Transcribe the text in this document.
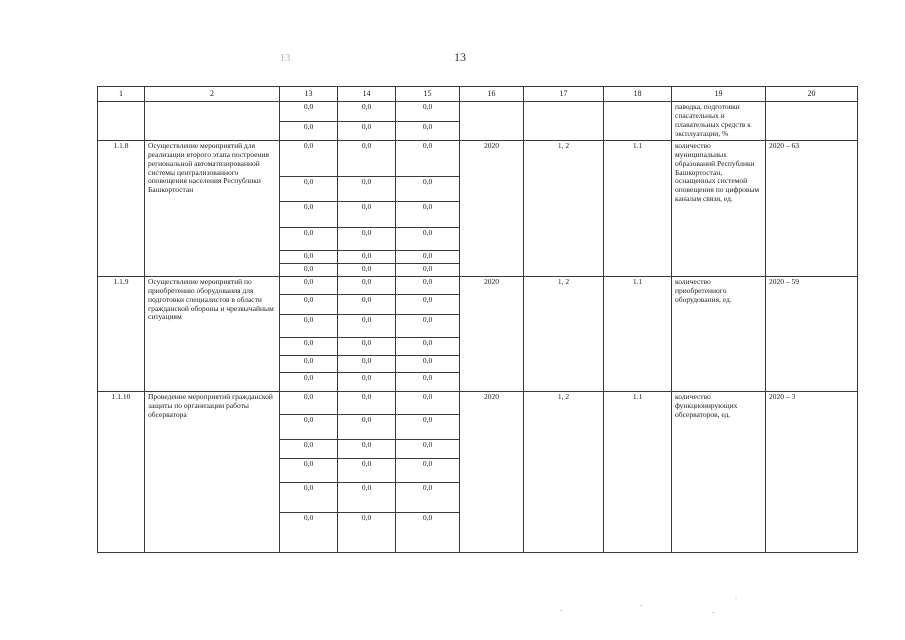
13	13
1	2	13	14	15	16	17	18	19	20
		0,0	0,0	0,0				паводка, подготовки спасательных и плавательных средств к эксплуатации, %	
		0,0	0,0	0,0					
1.1.8	Осуществление мероприятий для реализации второго этапа построения региональной автоматизированной системы централизованного оповещения населения Республики Башкортостан	0,0	0,0	0,0	2020	1, 2	1.1	количество муниципальных образований Республики Башкортостан, оснащенных системой оповещения по цифровым каналам связи, ед.	2020 – 63
		0,0	0,0	0,0					
		0,0	0,0	0,0					
		0,0	0,0	0,0					
		0,0	0,0	0,0					
		0,0	0,0	0,0					
1.1.9	Осуществление мероприятий по приобретению оборудования для подготовки специалистов в области гражданской обороны и чрезвычайным ситуациям	0,0	0,0	0,0	2020	1, 2	1.1	количество приобретенного оборудования, ед.	2020 – 59
		0,0	0,0	0,0					
		0,0	0,0	0,0					
		0,0	0,0	0,0					
		0,0	0,0	0,0					
		0,0	0,0	0,0					
1.1.10	Проведение мероприятий гражданской защиты по организации работы обсерватора	0,0	0,0	0,0	2020	1, 2	1.1	количество функционирующих обсерваторов, ед.	2020 – 3
		0,0	0,0	0,0					
		0,0	0,0	0,0					
		0,0	0,0	0,0					
		0,0	0,0	0,0					
		0,0	0,0	0,0					
